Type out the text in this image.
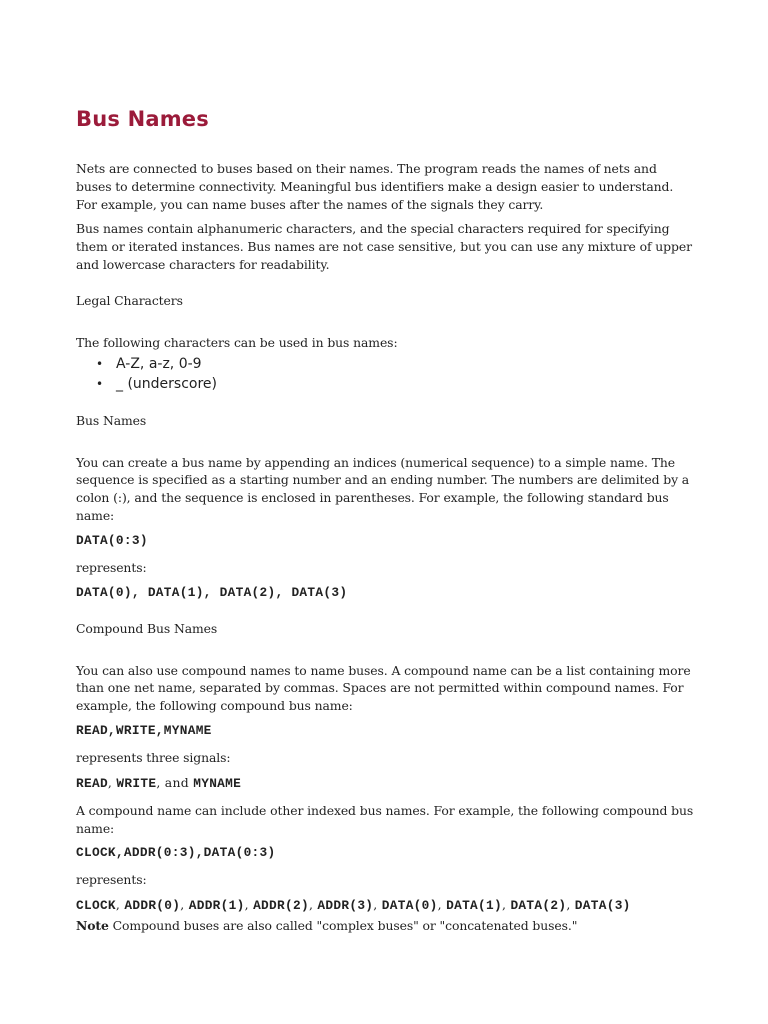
Bus Names

Nets are connected to buses based on their names. The program reads the names of nets and buses to determine connectivity. Meaningful bus identifiers make a design easier to understand. For example, you can name buses after the names of the signals they carry.

Bus names contain alphanumeric characters, and the special characters required for specifying them or iterated instances. Bus names are not case sensitive, but you can use any mixture of upper and lowercase characters for readability.

Legal Characters

The following characters can be used in bus names:

• A-Z, a-z, 0-9
• _ (underscore)

Bus Names

You can create a bus name by appending an indices (numerical sequence) to a simple name. The sequence is specified as a starting number and an ending number. The numbers are delimited by a colon (:), and the sequence is enclosed in parentheses. For example, the following standard bus name:

DATA(0:3)

represents:

DATA(0), DATA(1), DATA(2), DATA(3)

Compound Bus Names

You can also use compound names to name buses. A compound name can be a list containing more than one net name, separated by commas. Spaces are not permitted within compound names. For example, the following compound bus name:

READ,WRITE,MYNAME

represents three signals:

READ, WRITE, and MYNAME

A compound name can include other indexed bus names. For example, the following compound bus name:

CLOCK,ADDR(0:3),DATA(0:3)

represents:

CLOCK, ADDR(0), ADDR(1), ADDR(2), ADDR(3), DATA(0), DATA(1), DATA(2), DATA(3)

Note Compound buses are also called "complex buses" or "concatenated buses."
